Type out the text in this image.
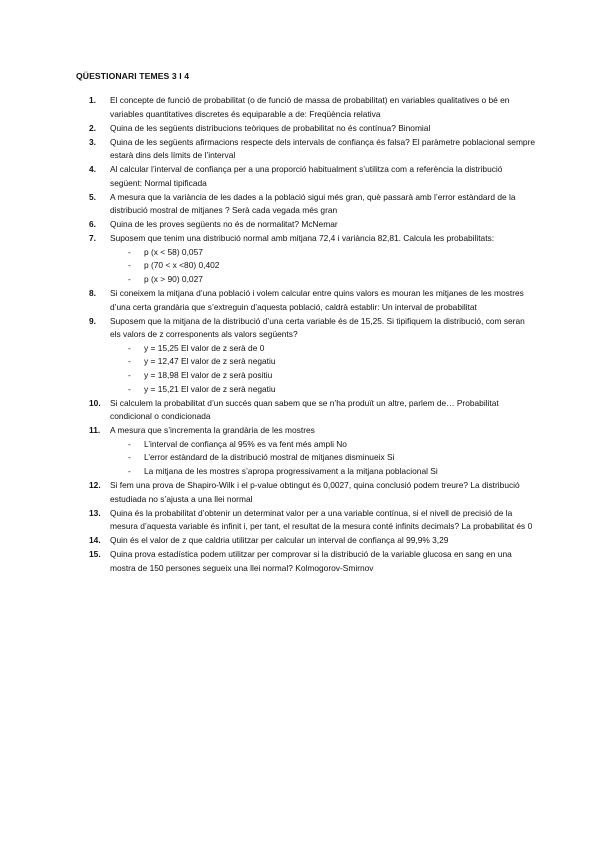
QÜESTIONARI TEMES 3 I 4
1. El concepte de funció de probabilitat (o de funció de massa de probabilitat) en variables qualitatives o bé en variables quantitatives discretes és equiparable a de: Freqüència relativa
2. Quina de les següents distribucions teòriques de probabilitat no és contínua? Binomial
3. Quina de les següents afirmacions respecte dels intervals de confiança és falsa? El paràmetre poblacional sempre estarà dins dels límits de l’interval
4. Al calcular l’interval de confiança per a una proporció habitualment s’utilitza com a referència la distribució següent: Normal tipificada
5. A mesura que la variància de les dades a la població sigui més gran, què passarà amb l’error estàndard de la distribució mostral de mitjanes ? Serà cada vegada més gran
6. Quina de les proves següents no és de normalitat? McNemar
7. Suposem que tenim una distribució normal amb mitjana 72,4 i variància 82,81. Calcula les probabilitats:
- p (x < 58) 0,057
- p (70 < x <80) 0,402
- p (x > 90) 0,027
8. Si coneixem la mitjana d’una població i volem calcular entre quins valors es mouran les mitjanes de les mostres d’una certa grandària que s’extreguin d’aquesta població, caldrà establir: Un interval de probabilitat
9. Suposem que la mitjana de la distribució d’una certa variable és de 15,25. Si tipifiquem la distribució, com seran els valors de z corresponents als valors següents?
- y = 15,25 El valor de z serà de 0
- y = 12,47 El valor de z serà negatiu
- y = 18,98 El valor de z serà positiu
- y = 15,21 El valor de z serà negatiu
10. Si calculem la probabilitat d’un succés quan sabem que se n’ha produït un altre, parlem de… Probabilitat condicional o condicionada
11. A mesura que s’incrementa la grandària de les mostres
- L’interval de confiança al 95% es va fent més ampli No
- L’error estàndard de la distribució mostral de mitjanes disminueix Si
- La mitjana de les mostres s’apropa progressivament a la mitjana poblacional Si
12. Si fem una prova de Shapiro-Wilk i el p-value obtingut és 0,0027, quina conclusió podem treure? La distribució estudiada no s’ajusta a una llei normal
13. Quina és la probabilitat d’obtenir un determinat valor per a una variable contínua, si el nivell de precisió de la mesura d’aquesta variable és infinit i, per tant, el resultat de la mesura conté infinits decimals? La probabilitat és 0
14. Quin és el valor de z que caldria utilitzar per calcular un interval de confiança al 99,9% 3,29
15. Quina prova estadística podem utilitzar per comprovar si la distribució de la variable glucosa en sang en una mostra de 150 persones segueix una llei normal? Kolmogorov-Smirnov
